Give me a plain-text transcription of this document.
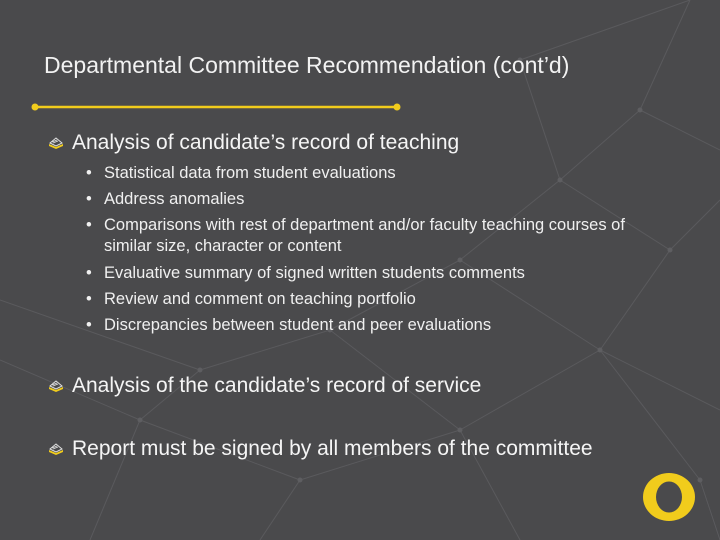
Departmental Committee Recommendation (cont’d)
Analysis of candidate’s record of teaching
• Statistical data from student evaluations
• Address anomalies
• Comparisons with rest of department and/or faculty teaching courses of similar size, character or content
• Evaluative summary of signed written students comments
• Review and comment on teaching portfolio
• Discrepancies between student and peer evaluations
Analysis of the candidate’s record of service
Report must be signed by all members of the committee
